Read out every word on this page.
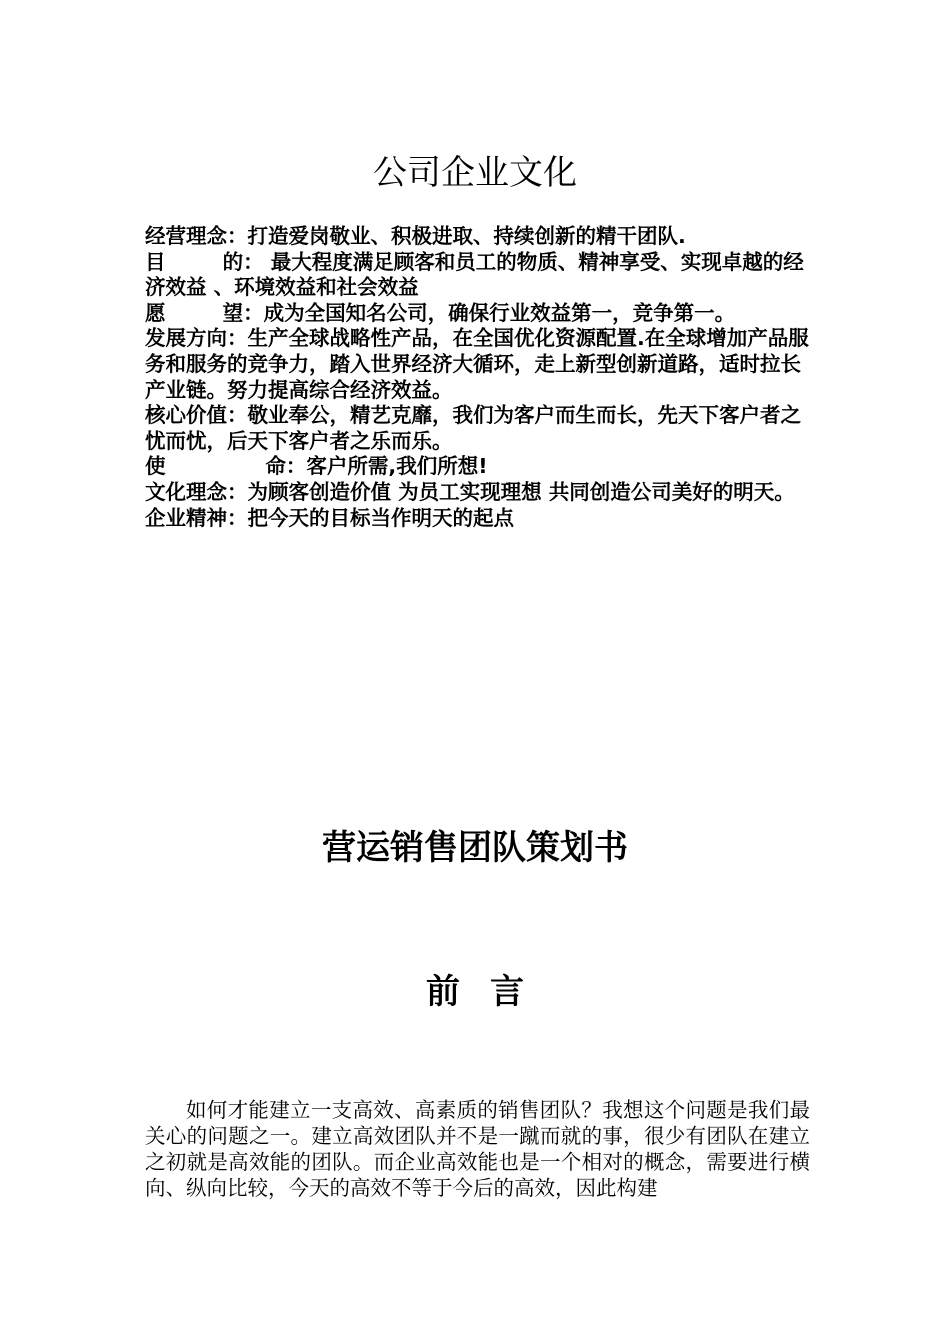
公司企业文化

经营理念：打造爱岗敬业、积极进取、持续创新的精干团队.

目        的： 最大程度满足顾客和员工的物质、精神享受、实现卓越的经济效益 、环境效益和社会效益

愿        望：成为全国知名公司，确保行业效益第一，竞争第一。

发展方向：生产全球战略性产品，在全国优化资源配置.在全球增加产品服务和服务的竞争力，踏入世界经济大循环，走上新型创新道路，适时拉长产业链。努力提高综合经济效益。

核心价值：敬业奉公，精艺克靡，我们为客户而生而长，先天下客户者之忧而忧，后天下客户者之乐而乐。

使              命：客户所需,我们所想!

文化理念：为顾客创造价值 为员工实现理想 共同创造公司美好的明天。

企业精神：把今天的目标当作明天的起点

营运销售团队策划书
前 言

如何才能建立一支高效、高素质的销售团队？我想这个问题是我们最关心的问题之一。建立高效团队并不是一蹴而就的事，很少有团队在建立之初就是高效能的团队。而企业高效能也是一个相对的概念，需要进行横向、纵向比较，今天的高效不等于今后的高效，因此构建
